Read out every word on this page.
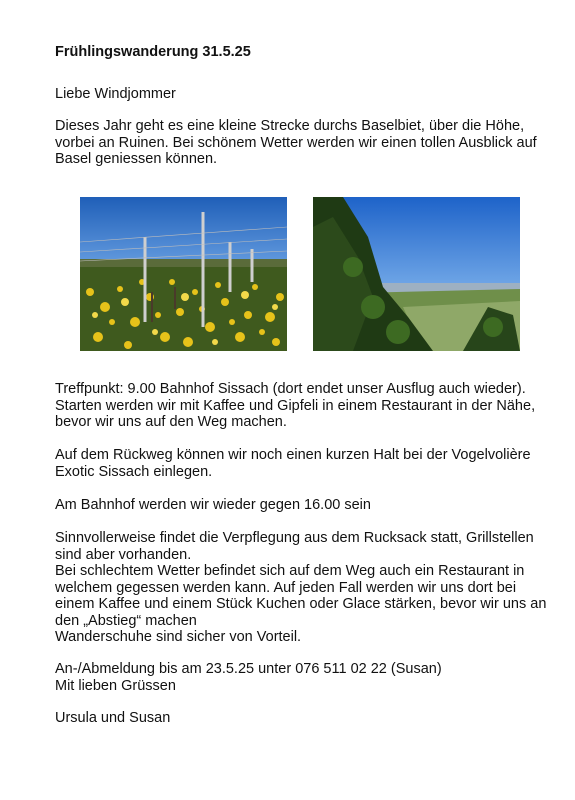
Frühlingswanderung 31.5.25

Liebe Windjommer

Dieses Jahr geht es eine kleine Strecke durchs Baselbiet, über die Höhe,
vorbei an Ruinen. Bei schönem Wetter werden wir einen tollen Ausblick auf
Basel geniessen können.

Treffpunkt: 9.00 Bahnhof Sissach (dort endet unser Ausflug auch wieder).
Starten werden wir mit Kaffee und Gipfeli in einem Restaurant in der Nähe,
bevor wir uns auf den Weg machen.

Auf dem Rückweg können wir noch einen kurzen Halt bei der Vogelvolière
Exotic Sissach einlegen.

Am Bahnhof werden wir wieder gegen 16.00 sein

Sinnvollerweise findet die Verpflegung aus dem Rucksack statt, Grillstellen
sind aber vorhanden.
Bei schlechtem Wetter befindet sich auf dem Weg auch ein Restaurant in
welchem gegessen werden kann. Auf jeden Fall werden wir uns dort bei
einem Kaffee und einem Stück Kuchen oder Glace stärken, bevor wir uns an
den „Abstieg“ machen
Wanderschuhe sind sicher von Vorteil.

An-/Abmeldung bis am 23.5.25 unter 076 511 02 22 (Susan)
Mit lieben Grüssen

Ursula und Susan
